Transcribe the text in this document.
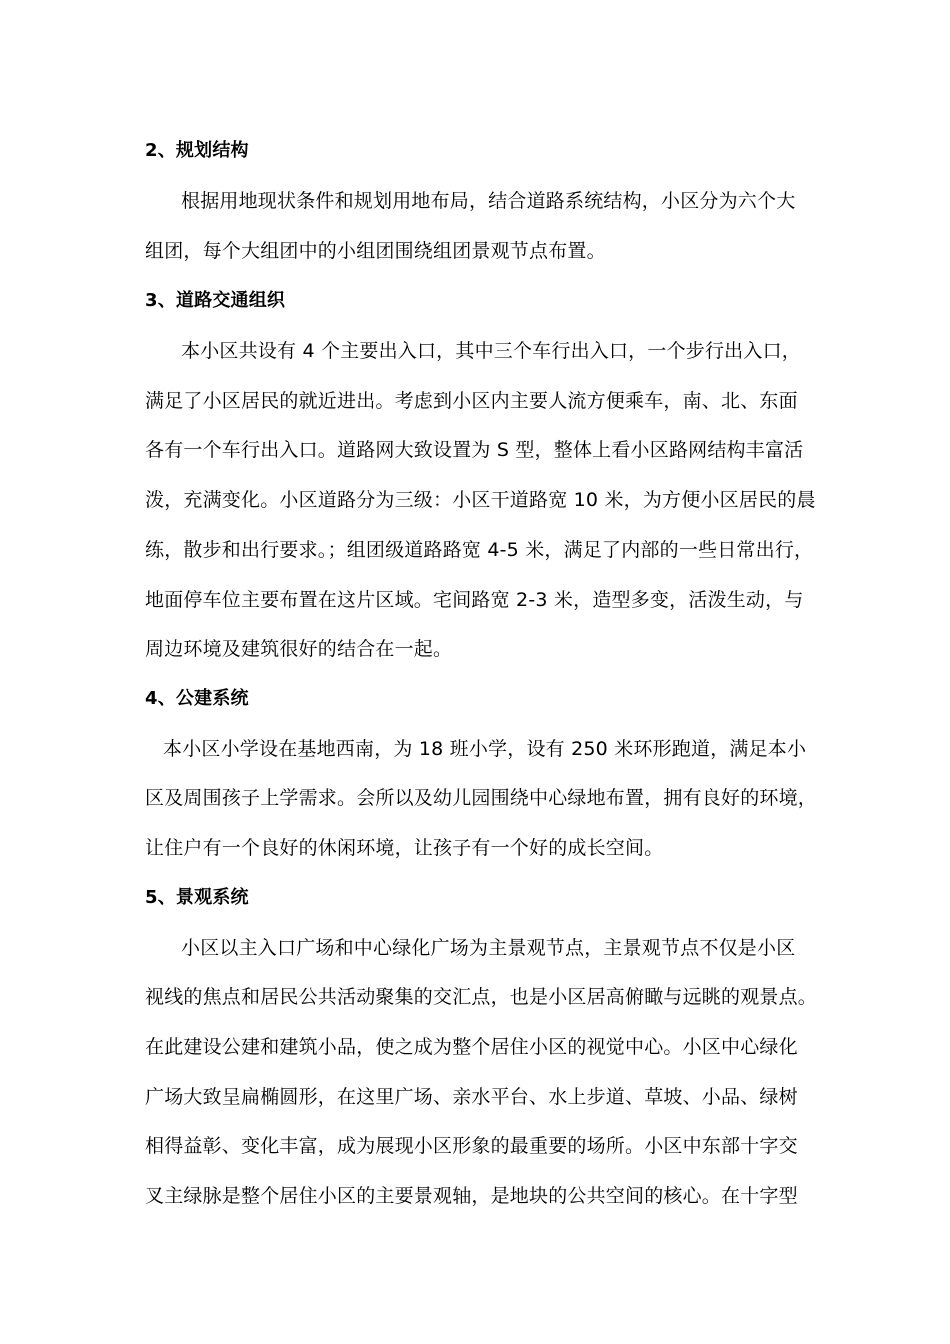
2、规划结构
根据用地现状条件和规划用地布局，结合道路系统结构，小区分为六个大
组团，每个大组团中的小组团围绕组团景观节点布置。
3、道路交通组织
本小区共设有 4 个主要出入口，其中三个车行出入口，一个步行出入口，
满足了小区居民的就近进出。考虑到小区内主要人流方便乘车，南、北、东面
各有一个车行出入口。道路网大致设置为 S 型，整体上看小区路网结构丰富活
泼，充满变化。小区道路分为三级：小区干道路宽 10 米，为方便小区居民的晨
练，散步和出行要求。；组团级道路路宽 4-5 米，满足了内部的一些日常出行，
地面停车位主要布置在这片区域。宅间路宽 2-3 米，造型多变，活泼生动，与
周边环境及建筑很好的结合在一起。
4、公建系统
本小区小学设在基地西南，为 18 班小学，设有 250 米环形跑道，满足本小
区及周围孩子上学需求。会所以及幼儿园围绕中心绿地布置，拥有良好的环境，
让住户有一个良好的休闲环境，让孩子有一个好的成长空间。
5、景观系统
小区以主入口广场和中心绿化广场为主景观节点，主景观节点不仅是小区
视线的焦点和居民公共活动聚集的交汇点，也是小区居高俯瞰与远眺的观景点。
在此建设公建和建筑小品，使之成为整个居住小区的视觉中心。小区中心绿化
广场大致呈扁椭圆形，在这里广场、亲水平台、水上步道、草坡、小品、绿树
相得益彰、变化丰富，成为展现小区形象的最重要的场所。小区中东部十字交
叉主绿脉是整个居住小区的主要景观轴，是地块的公共空间的核心。在十字型
